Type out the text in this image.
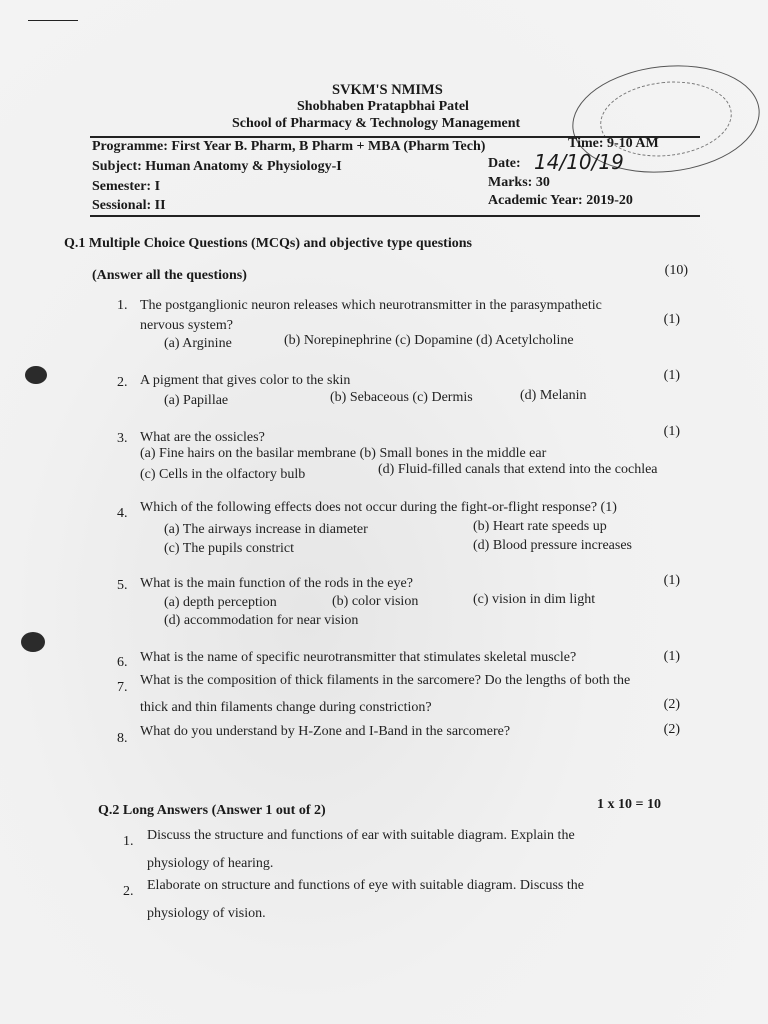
SVKM'S NMIMS
Shobhaben Pratapbhai Patel
School of Pharmacy & Technology Management
Programme: First Year B. Pharm, B Pharm + MBA (Pharm Tech)	Time: 9-10 AM
Subject: Human Anatomy & Physiology-I	Date: 14/10/19
Semester: I	Marks: 30
Sessional: II	Academic Year: 2019-20
Q.1 Multiple Choice Questions (MCQs) and objective type questions
(Answer all the questions)	(10)
1. The postganglionic neuron releases which neurotransmitter in the parasympathetic
nervous system?	(1)
(a) Arginine	(b) Norepinephrine (c) Dopamine (d) Acetylcholine
2. A pigment that gives color to the skin	(1)
(a) Papillae	(b) Sebaceous (c) Dermis	(d) Melanin
3. What are the ossicles?	(1)
(a) Fine hairs on the basilar membrane (b) Small bones in the middle ear
(c) Cells in the olfactory bulb	(d) Fluid-filled canals that extend into the cochlea
4. Which of the following effects does not occur during the fight-or-flight response? (1)
(a) The airways increase in diameter	(b) Heart rate speeds up
(c) The pupils constrict	(d) Blood pressure increases
5. What is the main function of the rods in the eye?	(1)
(a) depth perception	(b) color vision	(c) vision in dim light
(d) accommodation for near vision
6. What is the name of specific neurotransmitter that stimulates skeletal muscle?	(1)
7. What is the composition of thick filaments in the sarcomere? Do the lengths of both the
thick and thin filaments change during constriction?	(2)
8. What do you understand by H-Zone and I-Band in the sarcomere?	(2)
Q.2 Long Answers (Answer 1 out of 2)	1 x 10 = 10
1. Discuss the structure and functions of ear with suitable diagram. Explain the
physiology of hearing.
2. Elaborate on structure and functions of eye with suitable diagram. Discuss the
physiology of vision.
